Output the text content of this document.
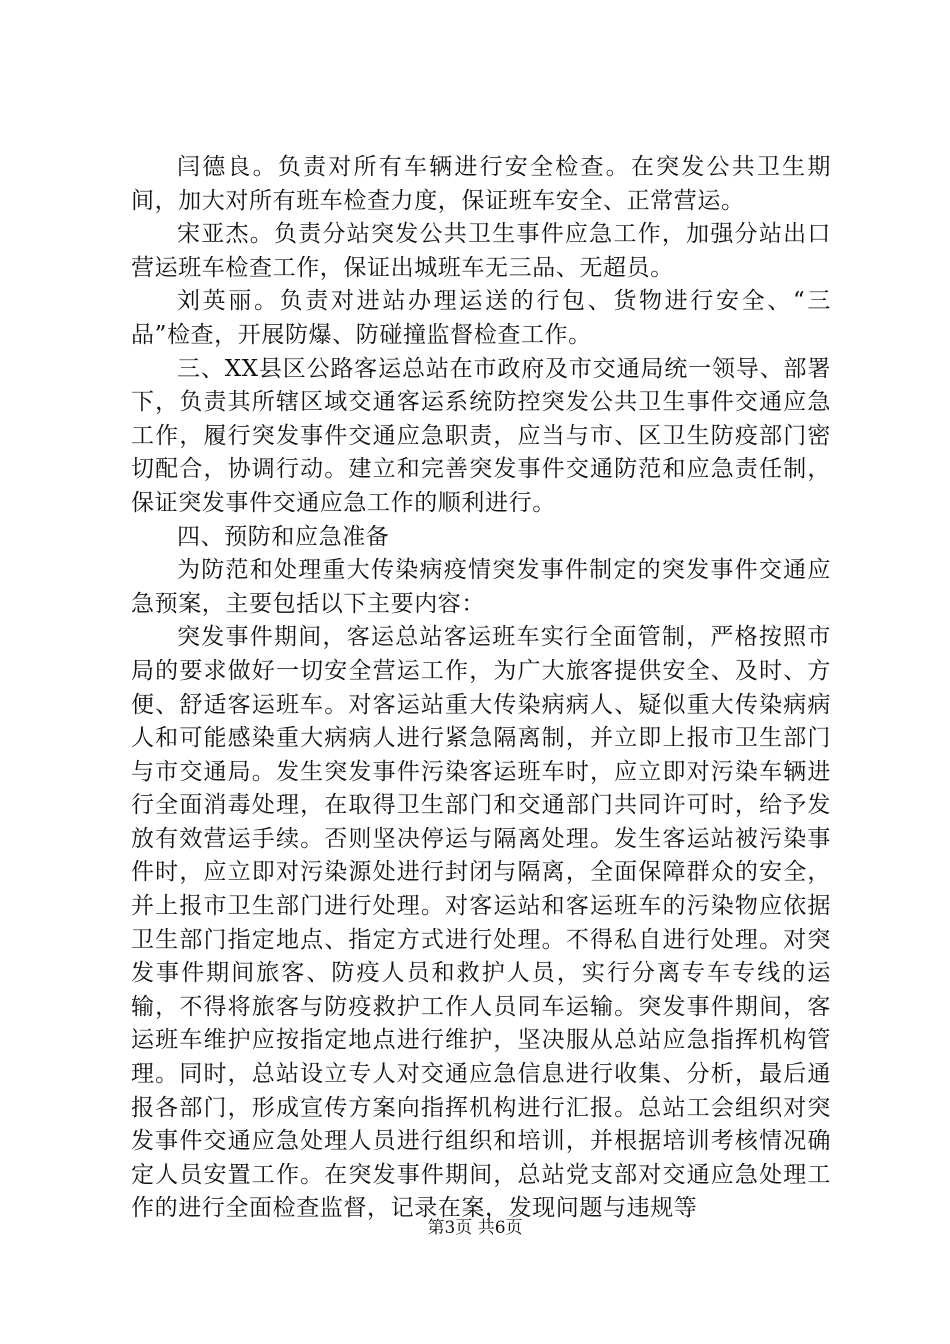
闫德良。负责对所有车辆进行安全检查。在突发公共卫生期间，加大对所有班车检查力度，保证班车安全、正常营运。

宋亚杰。负责分站突发公共卫生事件应急工作，加强分站出口营运班车检查工作，保证出城班车无三品、无超员。

刘英丽。负责对进站办理运送的行包、货物进行安全、“三品”检查，开展防爆、防碰撞监督检查工作。

三、XX县区公路客运总站在市政府及市交通局统一领导、部署下，负责其所辖区域交通客运系统防控突发公共卫生事件交通应急工作，履行突发事件交通应急职责，应当与市、区卫生防疫部门密切配合，协调行动。建立和完善突发事件交通防范和应急责任制，保证突发事件交通应急工作的顺利进行。

四、预防和应急准备

为防范和处理重大传染病疫情突发事件制定的突发事件交通应急预案，主要包括以下主要内容：

突发事件期间，客运总站客运班车实行全面管制，严格按照市局的要求做好一切安全营运工作，为广大旅客提供安全、及时、方便、舒适客运班车。对客运站重大传染病病人、疑似重大传染病病人和可能感染重大病病人进行紧急隔离制，并立即上报市卫生部门与市交通局。发生突发事件污染客运班车时，应立即对污染车辆进行全面消毒处理，在取得卫生部门和交通部门共同许可时，给予发放有效营运手续。否则坚决停运与隔离处理。发生客运站被污染事件时，应立即对污染源处进行封闭与隔离，全面保障群众的安全，并上报市卫生部门进行处理。对客运站和客运班车的污染物应依据卫生部门指定地点、指定方式进行处理。不得私自进行处理。对突发事件期间旅客、防疫人员和救护人员，实行分离专车专线的运输，不得将旅客与防疫救护工作人员同车运输。突发事件期间，客运班车维护应按指定地点进行维护，坚决服从总站应急指挥机构管理。同时，总站设立专人对交通应急信息进行收集、分析，最后通报各部门，形成宣传方案向指挥机构进行汇报。总站工会组织对突发事件交通应急处理人员进行组织和培训，并根据培训考核情况确定人员安置工作。在突发事件期间，总站党支部对交通应急处理工作的进行全面检查监督，记录在案，发现问题与违规等

第3页 共6页
